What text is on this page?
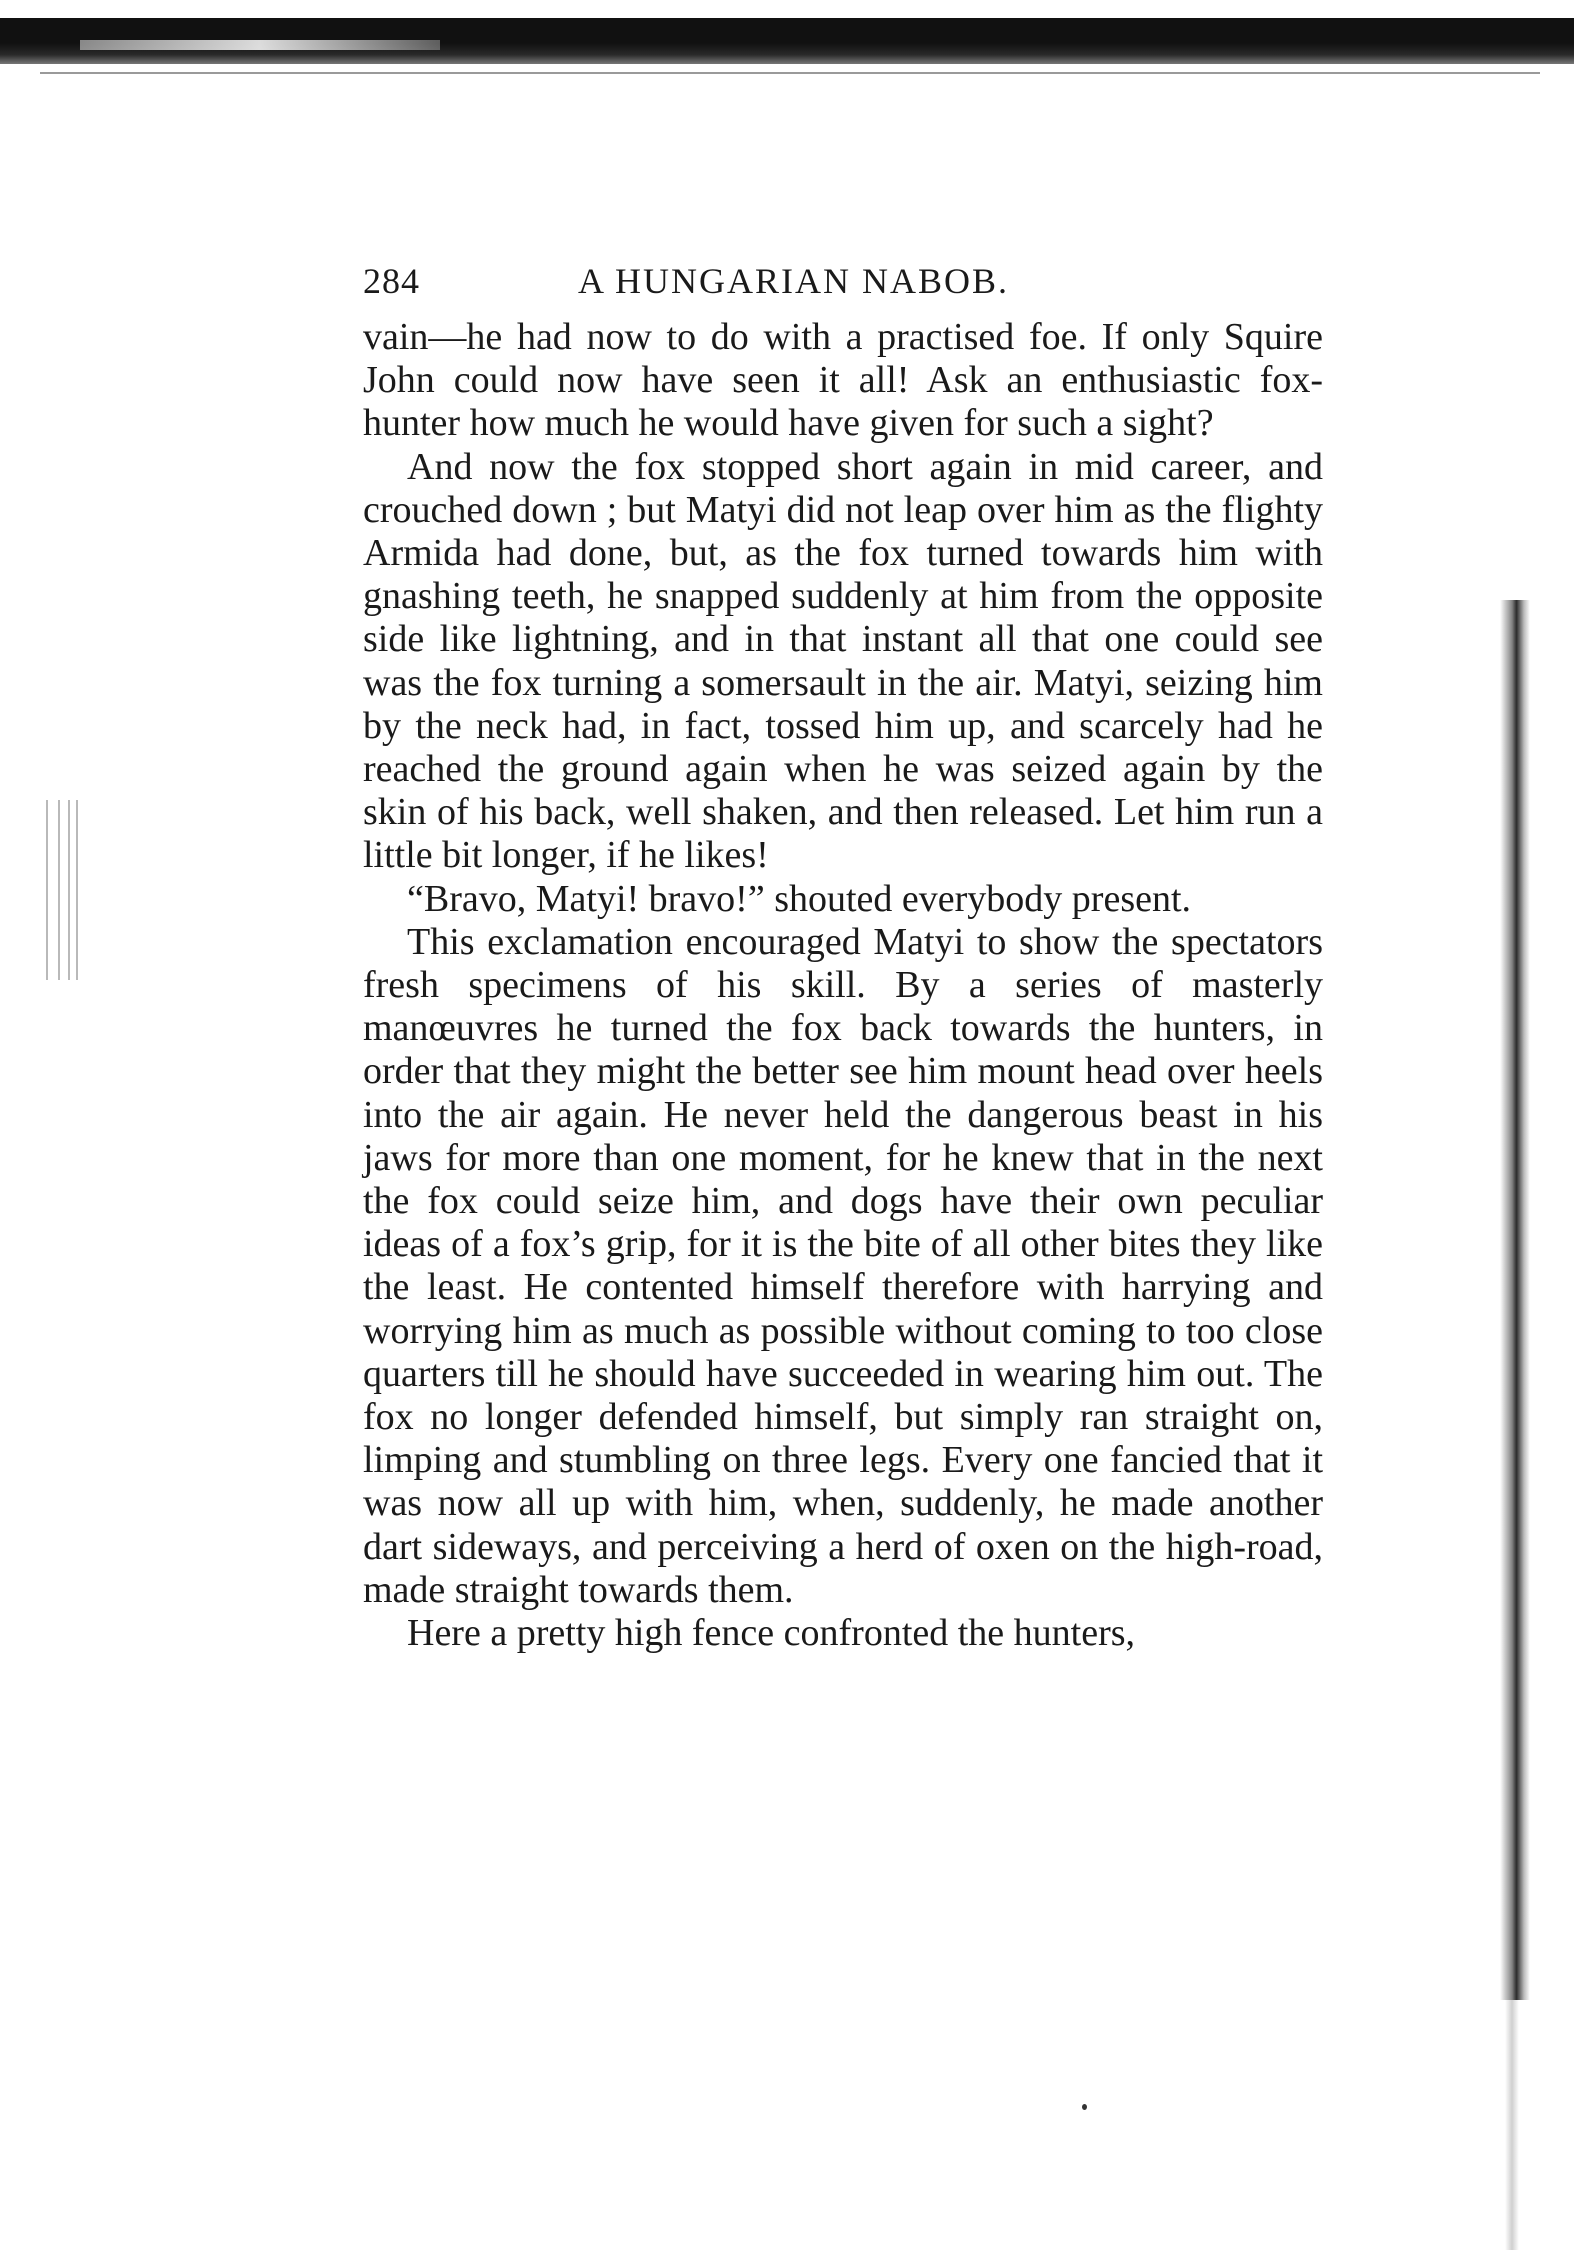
284	A HUNGARIAN NABOB.

vain—he had now to do with a practised foe. If only Squire John could now have seen it all! Ask an enthusiastic fox-hunter how much he would have given for such a sight?

And now the fox stopped short again in mid career, and crouched down ; but Matyi did not leap over him as the flighty Armida had done, but, as the fox turned towards him with gnashing teeth, he snapped suddenly at him from the opposite side like lightning, and in that instant all that one could see was the fox turning a somersault in the air. Matyi, seizing him by the neck had, in fact, tossed him up, and scarcely had he reached the ground again when he was seized again by the skin of his back, well shaken, and then released. Let him run a little bit longer, if he likes!

“Bravo, Matyi! bravo!” shouted everybody present.

This exclamation encouraged Matyi to show the spectators fresh specimens of his skill. By a series of masterly manœuvres he turned the fox back towards the hunters, in order that they might the better see him mount head over heels into the air again. He never held the dangerous beast in his jaws for more than one moment, for he knew that in the next the fox could seize him, and dogs have their own peculiar ideas of a fox’s grip, for it is the bite of all other bites they like the least. He contented himself therefore with harrying and worrying him as much as possible without coming to too close quarters till he should have succeeded in wearing him out. The fox no longer defended himself, but simply ran straight on, limping and stumbling on three legs. Every one fancied that it was now all up with him, when, suddenly, he made another dart sideways, and perceiving a herd of oxen on the high-road, made straight towards them.

Here a pretty high fence confronted the hunters,
